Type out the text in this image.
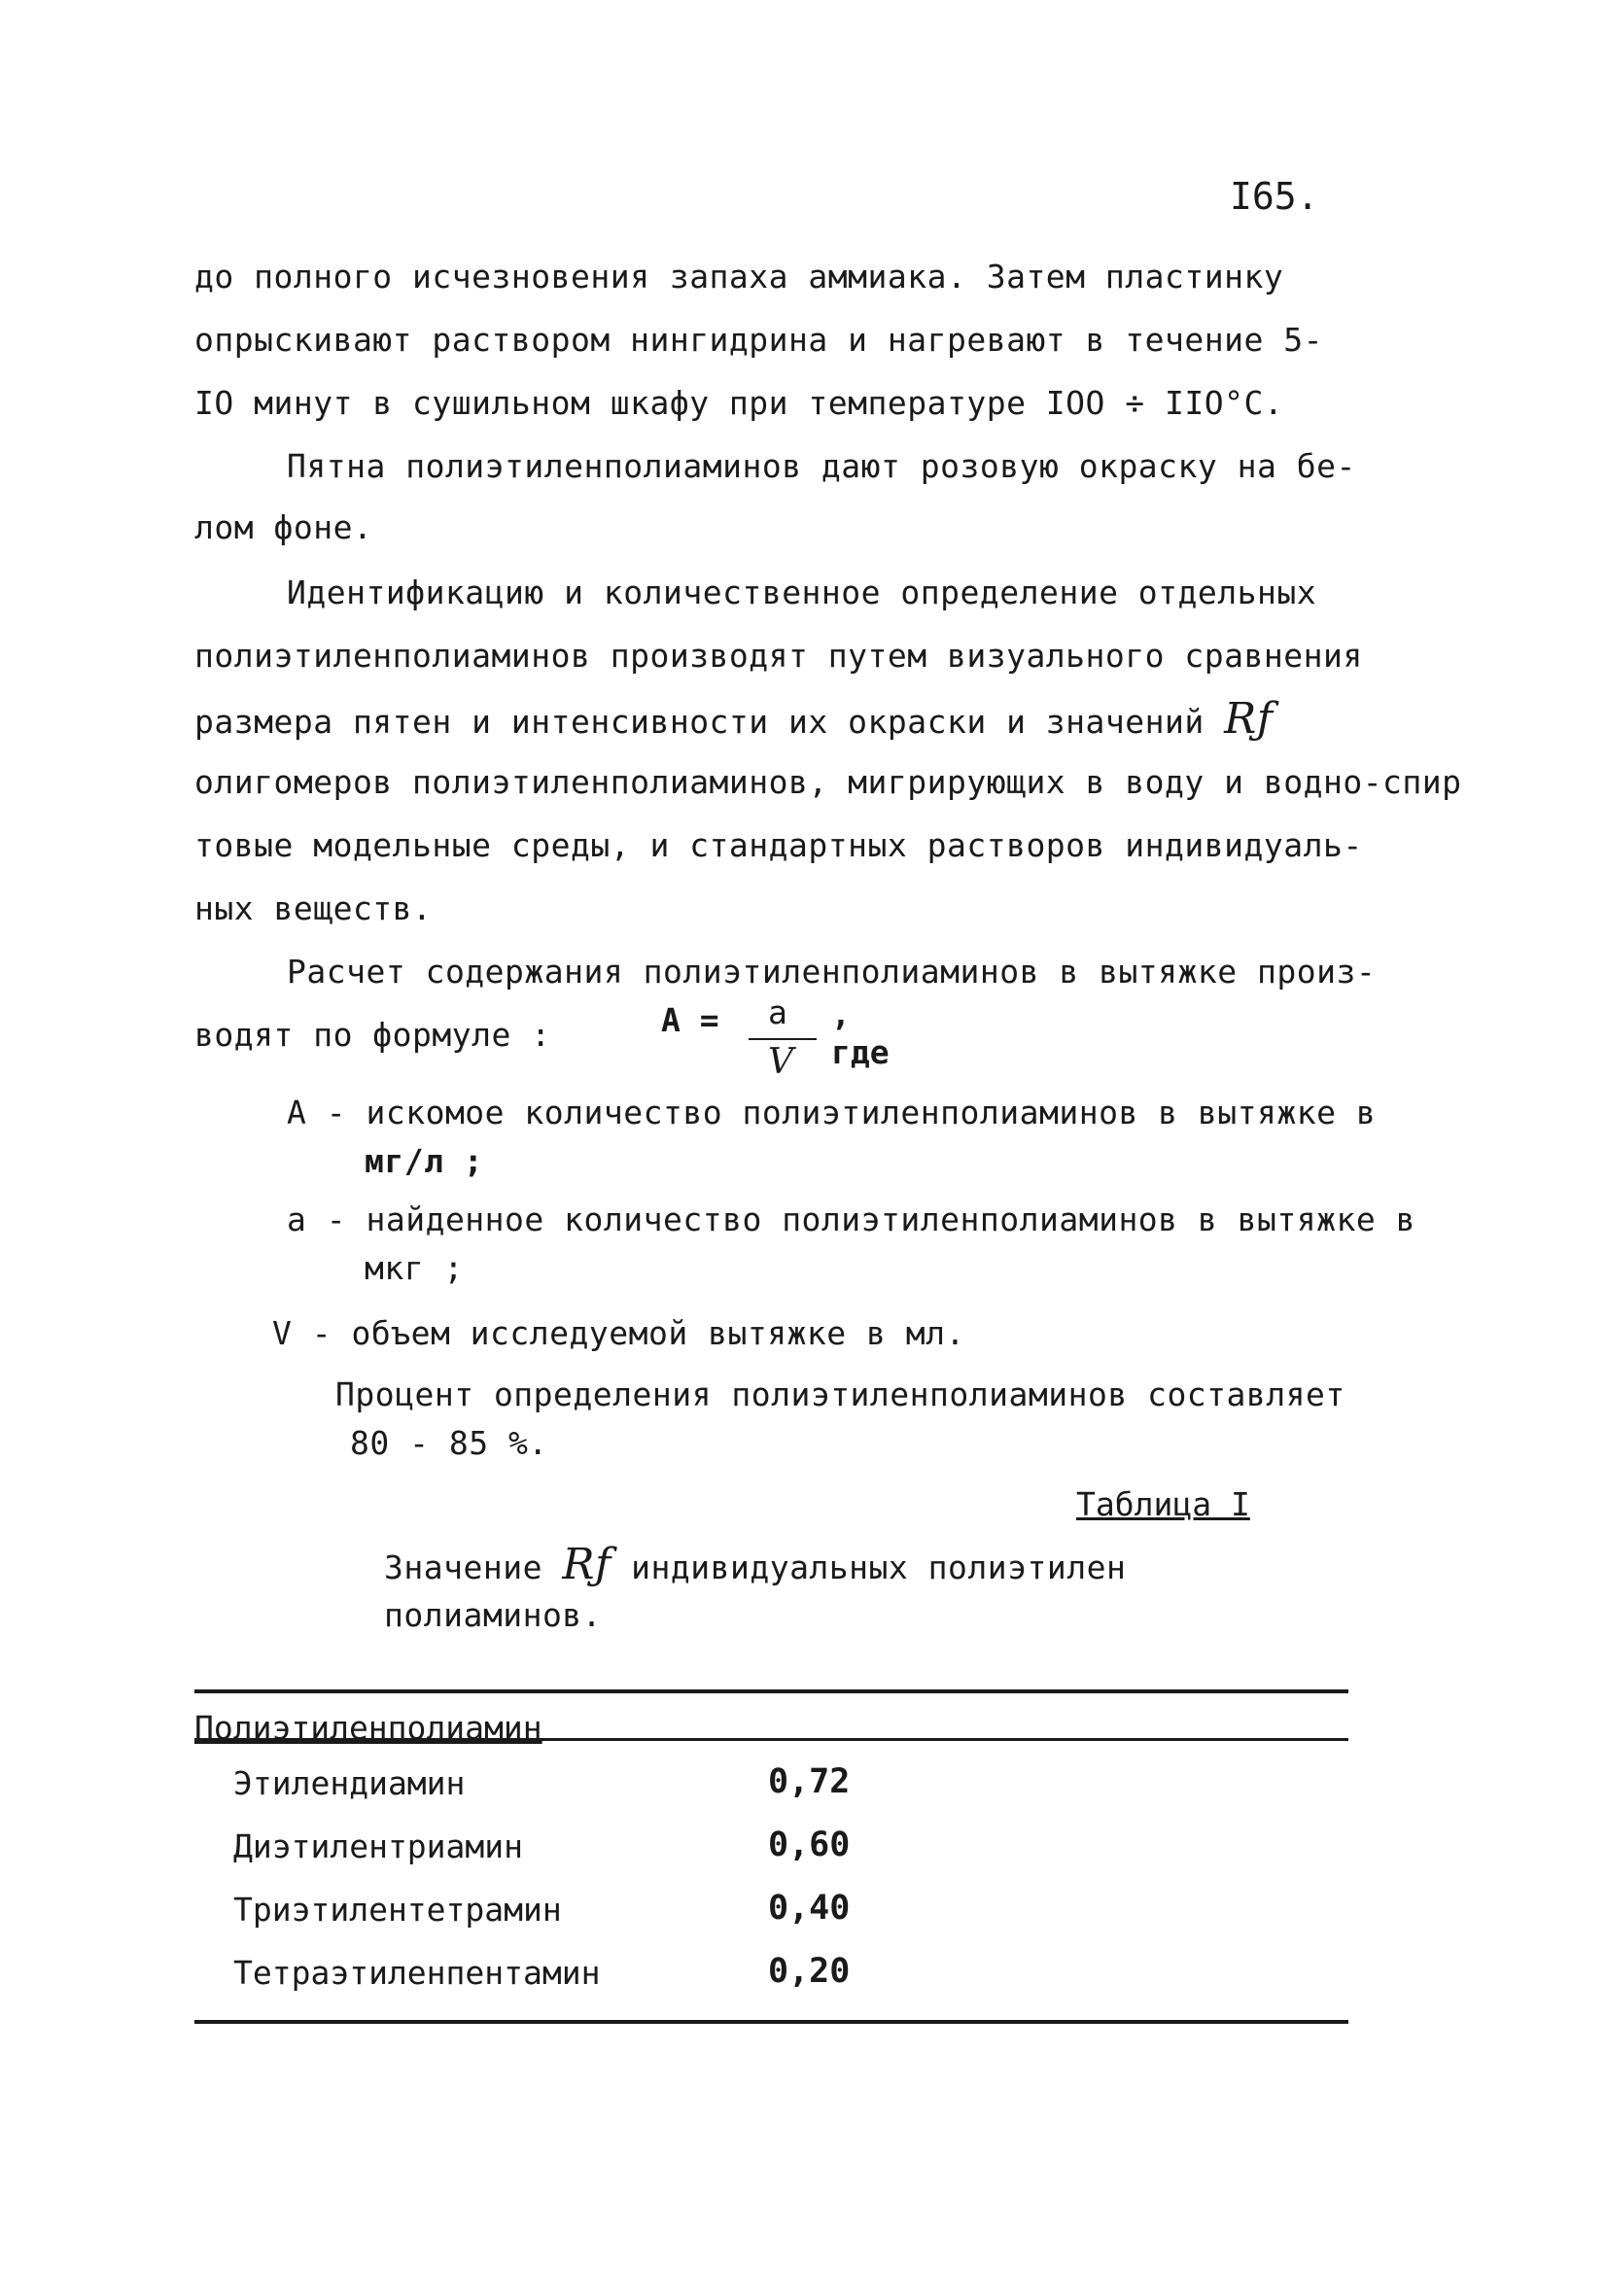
I65.
до полного исчезновения запаха аммиака. Затем пластинку
опрыскивают раствором нингидрина и нагревают в течение 5-
IO минут в сушильном шкафу при температуре IOO ÷ IIO°С.
Пятна полиэтиленполиаминов дают розовую окраску на бе-
лом фоне.
Идентификацию и количественное определение отдельных
полиэтиленполиаминов производят путем визуального сравнения
размера пятен и интенсивности их окраски и значений Rƒ
олигомеров полиэтиленполиаминов, мигрирующих в воду и водно-спир
товые модельные среды, и стандартных растворов индивидуаль-
ных веществ.
Расчет содержания полиэтиленполиаминов в вытяжке произ-
водят по формуле :	А = а
V
, где
А - искомое количество полиэтиленполиаминов в вытяжке в
мг/л ;
а - найденное количество полиэтиленполиаминов в вытяжке в
мкг ;
V - объем исследуемой вытяжке в мл.
Процент определения полиэтиленполиаминов составляет
80 - 85 %.
Таблица I
Значение Rƒ индивидуальных полиэтилен
полиаминов.
Полиэтиленполиамин
Этилендиамин	0,72
Диэтилентриамин	0,60
Триэтилентетрамин	0,40
Тетраэтиленпентамин	0,20
